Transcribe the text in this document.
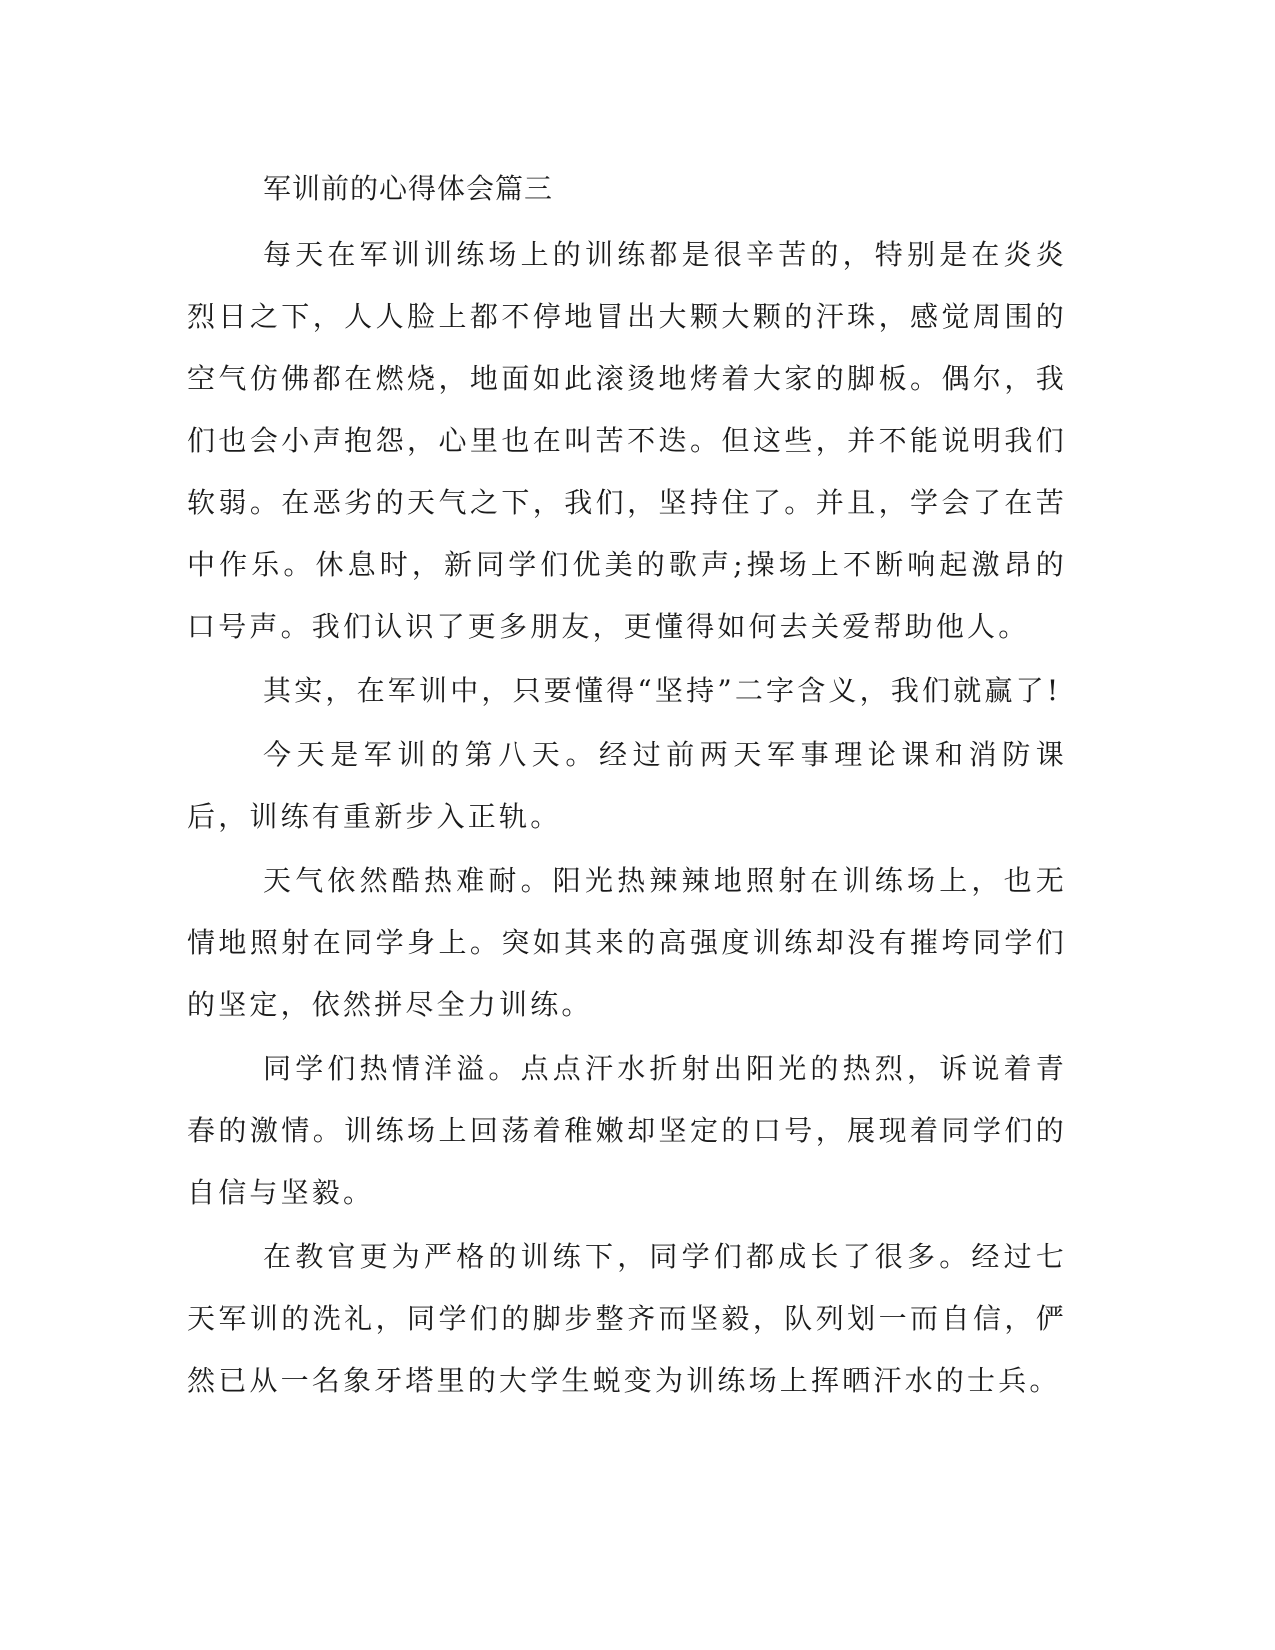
军训前的心得体会篇三

每天在军训训练场上的训练都是很辛苦的，特别是在炎炎烈日之下，人人脸上都不停地冒出大颗大颗的汗珠，感觉周围的空气仿佛都在燃烧，地面如此滚烫地烤着大家的脚板。偶尔，我们也会小声抱怨，心里也在叫苦不迭。但这些，并不能说明我们软弱。在恶劣的天气之下，我们，坚持住了。并且，学会了在苦中作乐。休息时，新同学们优美的歌声;操场上不断响起激昂的口号声。我们认识了更多朋友，更懂得如何去关爱帮助他人。

其实，在军训中，只要懂得“坚持”二字含义，我们就赢了!

今天是军训的第八天。经过前两天军事理论课和消防课后，训练有重新步入正轨。

天气依然酷热难耐。阳光热辣辣地照射在训练场上，也无情地照射在同学身上。突如其来的高强度训练却没有摧垮同学们的坚定，依然拼尽全力训练。

同学们热情洋溢。点点汗水折射出阳光的热烈，诉说着青春的激情。训练场上回荡着稚嫩却坚定的口号，展现着同学们的自信与坚毅。

在教官更为严格的训练下，同学们都成长了很多。经过七天军训的洗礼，同学们的脚步整齐而坚毅，队列划一而自信，俨然已从一名象牙塔里的大学生蜕变为训练场上挥晒汗水的士兵。
